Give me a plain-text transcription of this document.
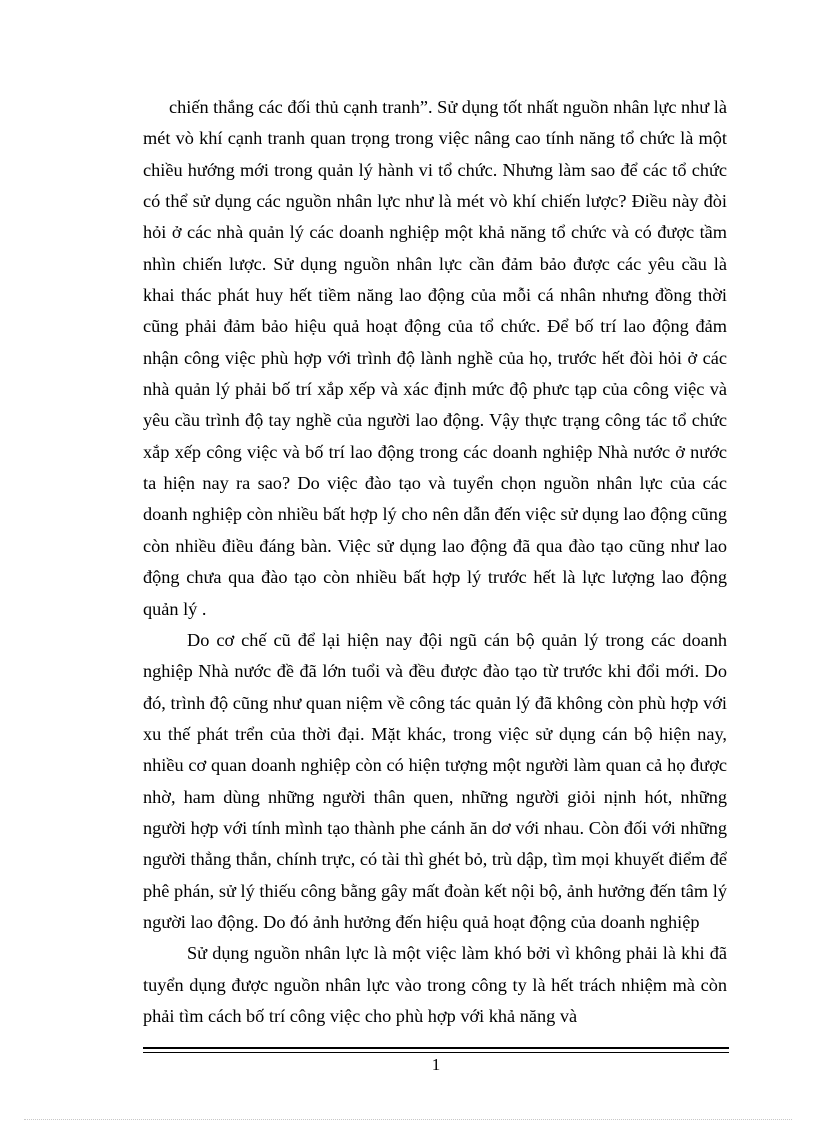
chiến thắng các đối thủ cạnh tranh”. Sử dụng tốt nhất nguồn nhân lực như là mét vò khí cạnh tranh quan trọng trong việc nâng cao tính năng tổ chức là một chiều hướng mới trong quản lý hành vi tổ chức. Nhưng làm sao để các tổ chức có thể sử dụng các nguồn nhân lực như là mét vò khí chiến lược? Điều này đòi hỏi ở các nhà quản lý các doanh nghiệp một khả năng tổ chức và có được tầm nhìn chiến lược. Sử dụng nguồn nhân lực cần đảm bảo được các yêu cầu là khai thác phát huy hết tiềm năng lao động của mỗi cá nhân nhưng đồng thời cũng phải đảm bảo hiệu quả hoạt động của tổ chức. Để bố trí lao động đảm nhận công việc phù hợp với trình độ lành nghề của họ, trước hết đòi hỏi ở các nhà quản lý phải bố trí xắp xếp và xác định mức độ phưc tạp của công việc và yêu cầu trình độ tay nghề của người lao động. Vậy thực trạng công tác tổ chức xắp xếp công việc và bố trí lao động trong các doanh nghiệp Nhà nước ở nước ta hiện nay ra sao? Do việc đào tạo và tuyển chọn nguồn nhân lực của các doanh nghiệp còn nhiều bất hợp lý cho nên dẫn đến việc sử dụng lao động cũng còn nhiều điều đáng bàn. Việc sử dụng lao động đã qua đào tạo cũng như lao động chưa qua đào tạo còn nhiều bất hợp lý trước hết là lực lượng lao động quản lý .

Do cơ chế cũ để lại hiện nay đội ngũ cán bộ quản lý trong các doanh nghiệp Nhà nước đề đã lớn tuổi và đều được đào tạo từ trước khi đổi mới. Do đó, trình độ cũng như quan niệm về công tác quản lý đã không còn phù hợp với xu thế phát trển của thời đại. Mặt khác, trong việc sử dụng cán bộ hiện nay, nhiều cơ quan doanh nghiệp còn có hiện tượng một người làm quan cả họ được nhờ, ham dùng những người thân quen, những người giỏi nịnh hót, những người hợp với tính mình tạo thành phe cánh ăn dơ với nhau. Còn đối với những người thẳng thắn, chính trực, có tài thì ghét bỏ, trù dập, tìm mọi khuyết điểm để phê phán, sử lý thiếu công bằng gây mất đoàn kết nội bộ, ảnh hưởng đến tâm lý người lao động. Do đó ảnh hưởng đến hiệu quả hoạt động của doanh nghiệp

Sử dụng nguồn nhân lực là một việc làm khó bởi vì không phải là khi đã tuyển dụng được nguồn nhân lực vào trong công ty là hết trách nhiệm mà còn phải tìm cách bố trí công việc cho phù hợp với khả năng và

1
